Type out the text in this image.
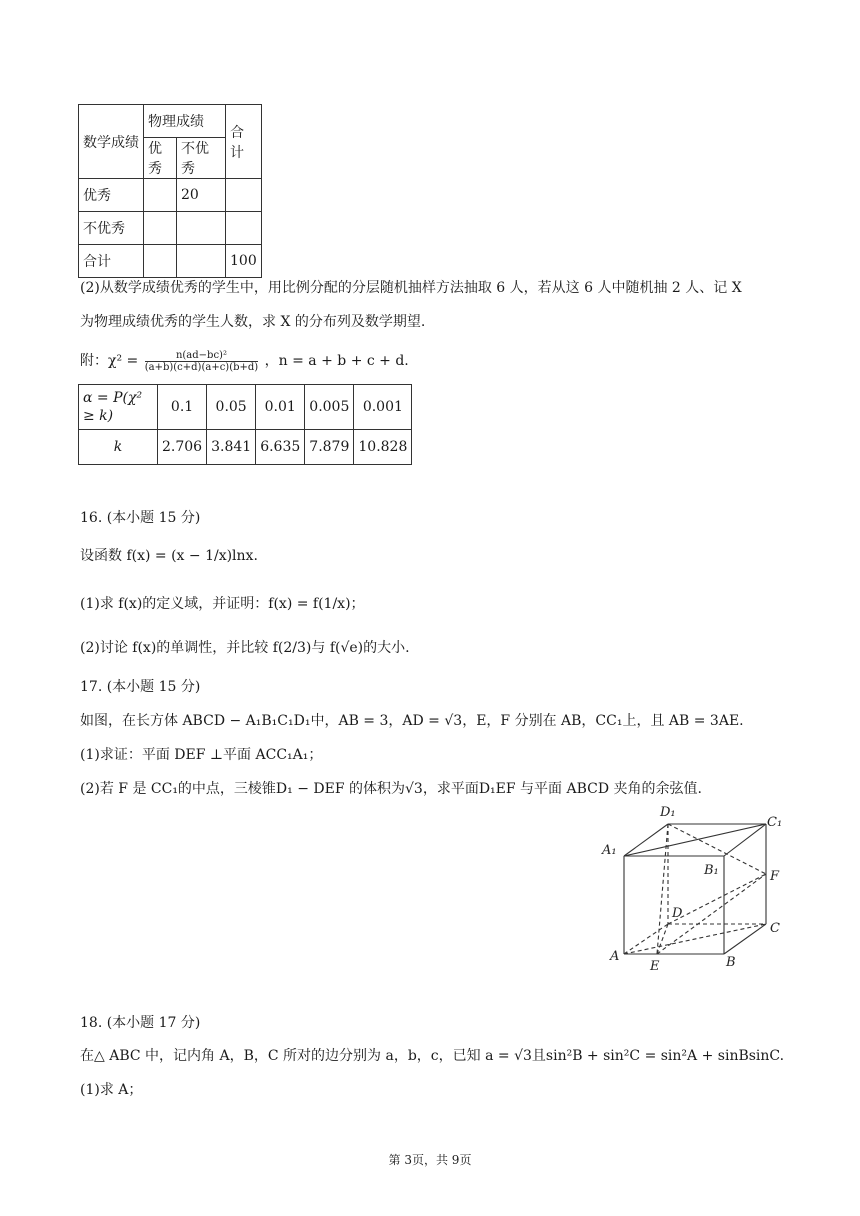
数学成绩	物理成绩		合计
	优秀	不优秀	
优秀		20	
不优秀			
合计			100
(2)从数学成绩优秀的学生中，用比例分配的分层随机抽样方法抽取 6 人，若从这 6 人中随机抽 2 人、记 X
为物理成绩优秀的学生人数，求 X 的分布列及数学期望.
附：$\chi^2 = \frac{\text{n(ad−bc)²}}{(a+b)(c+d)(a+c)(b+d)}$ ，n = a + b + c + d.
α = P(χ² ≥ k)	0.1	0.05	0.01	0.005	0.001
k	2.706	3.841	6.635	7.879	10.828
16. (本小题 15 分)
设函数 f(x) = (x − 1/x)lnx.
(1)求 f(x)的定义域，并证明：f(x) = f(1/x)；
(2)讨论 f(x)的单调性，并比较 f(2/3)与 f(√e)的大小.
17. (本小题 15 分)
如图，在长方体 ABCD − A₁B₁C₁D₁中，AB = 3，AD = √3，E，F 分别在 AB，CC₁上，且 AB = 3AE.
(1)求证：平面 DEF ⊥平面 ACC₁A₁；
(2)若 F 是 CC₁的中点，三棱锥D₁ − DEF 的体积为√3，求平面D₁EF 与平面 ABCD 夹角的余弦值.
D₁
C₁
A₁
B₁	F
D
C
A
E	B
18. (本小题 17 分)
在△ ABC 中，记内角 A，B，C 所对的边分别为 a，b，c，已知 a = √3且sin²B + sin²C = sin²A + sinBsinC.
(1)求 A；
第 3页，共 9页
